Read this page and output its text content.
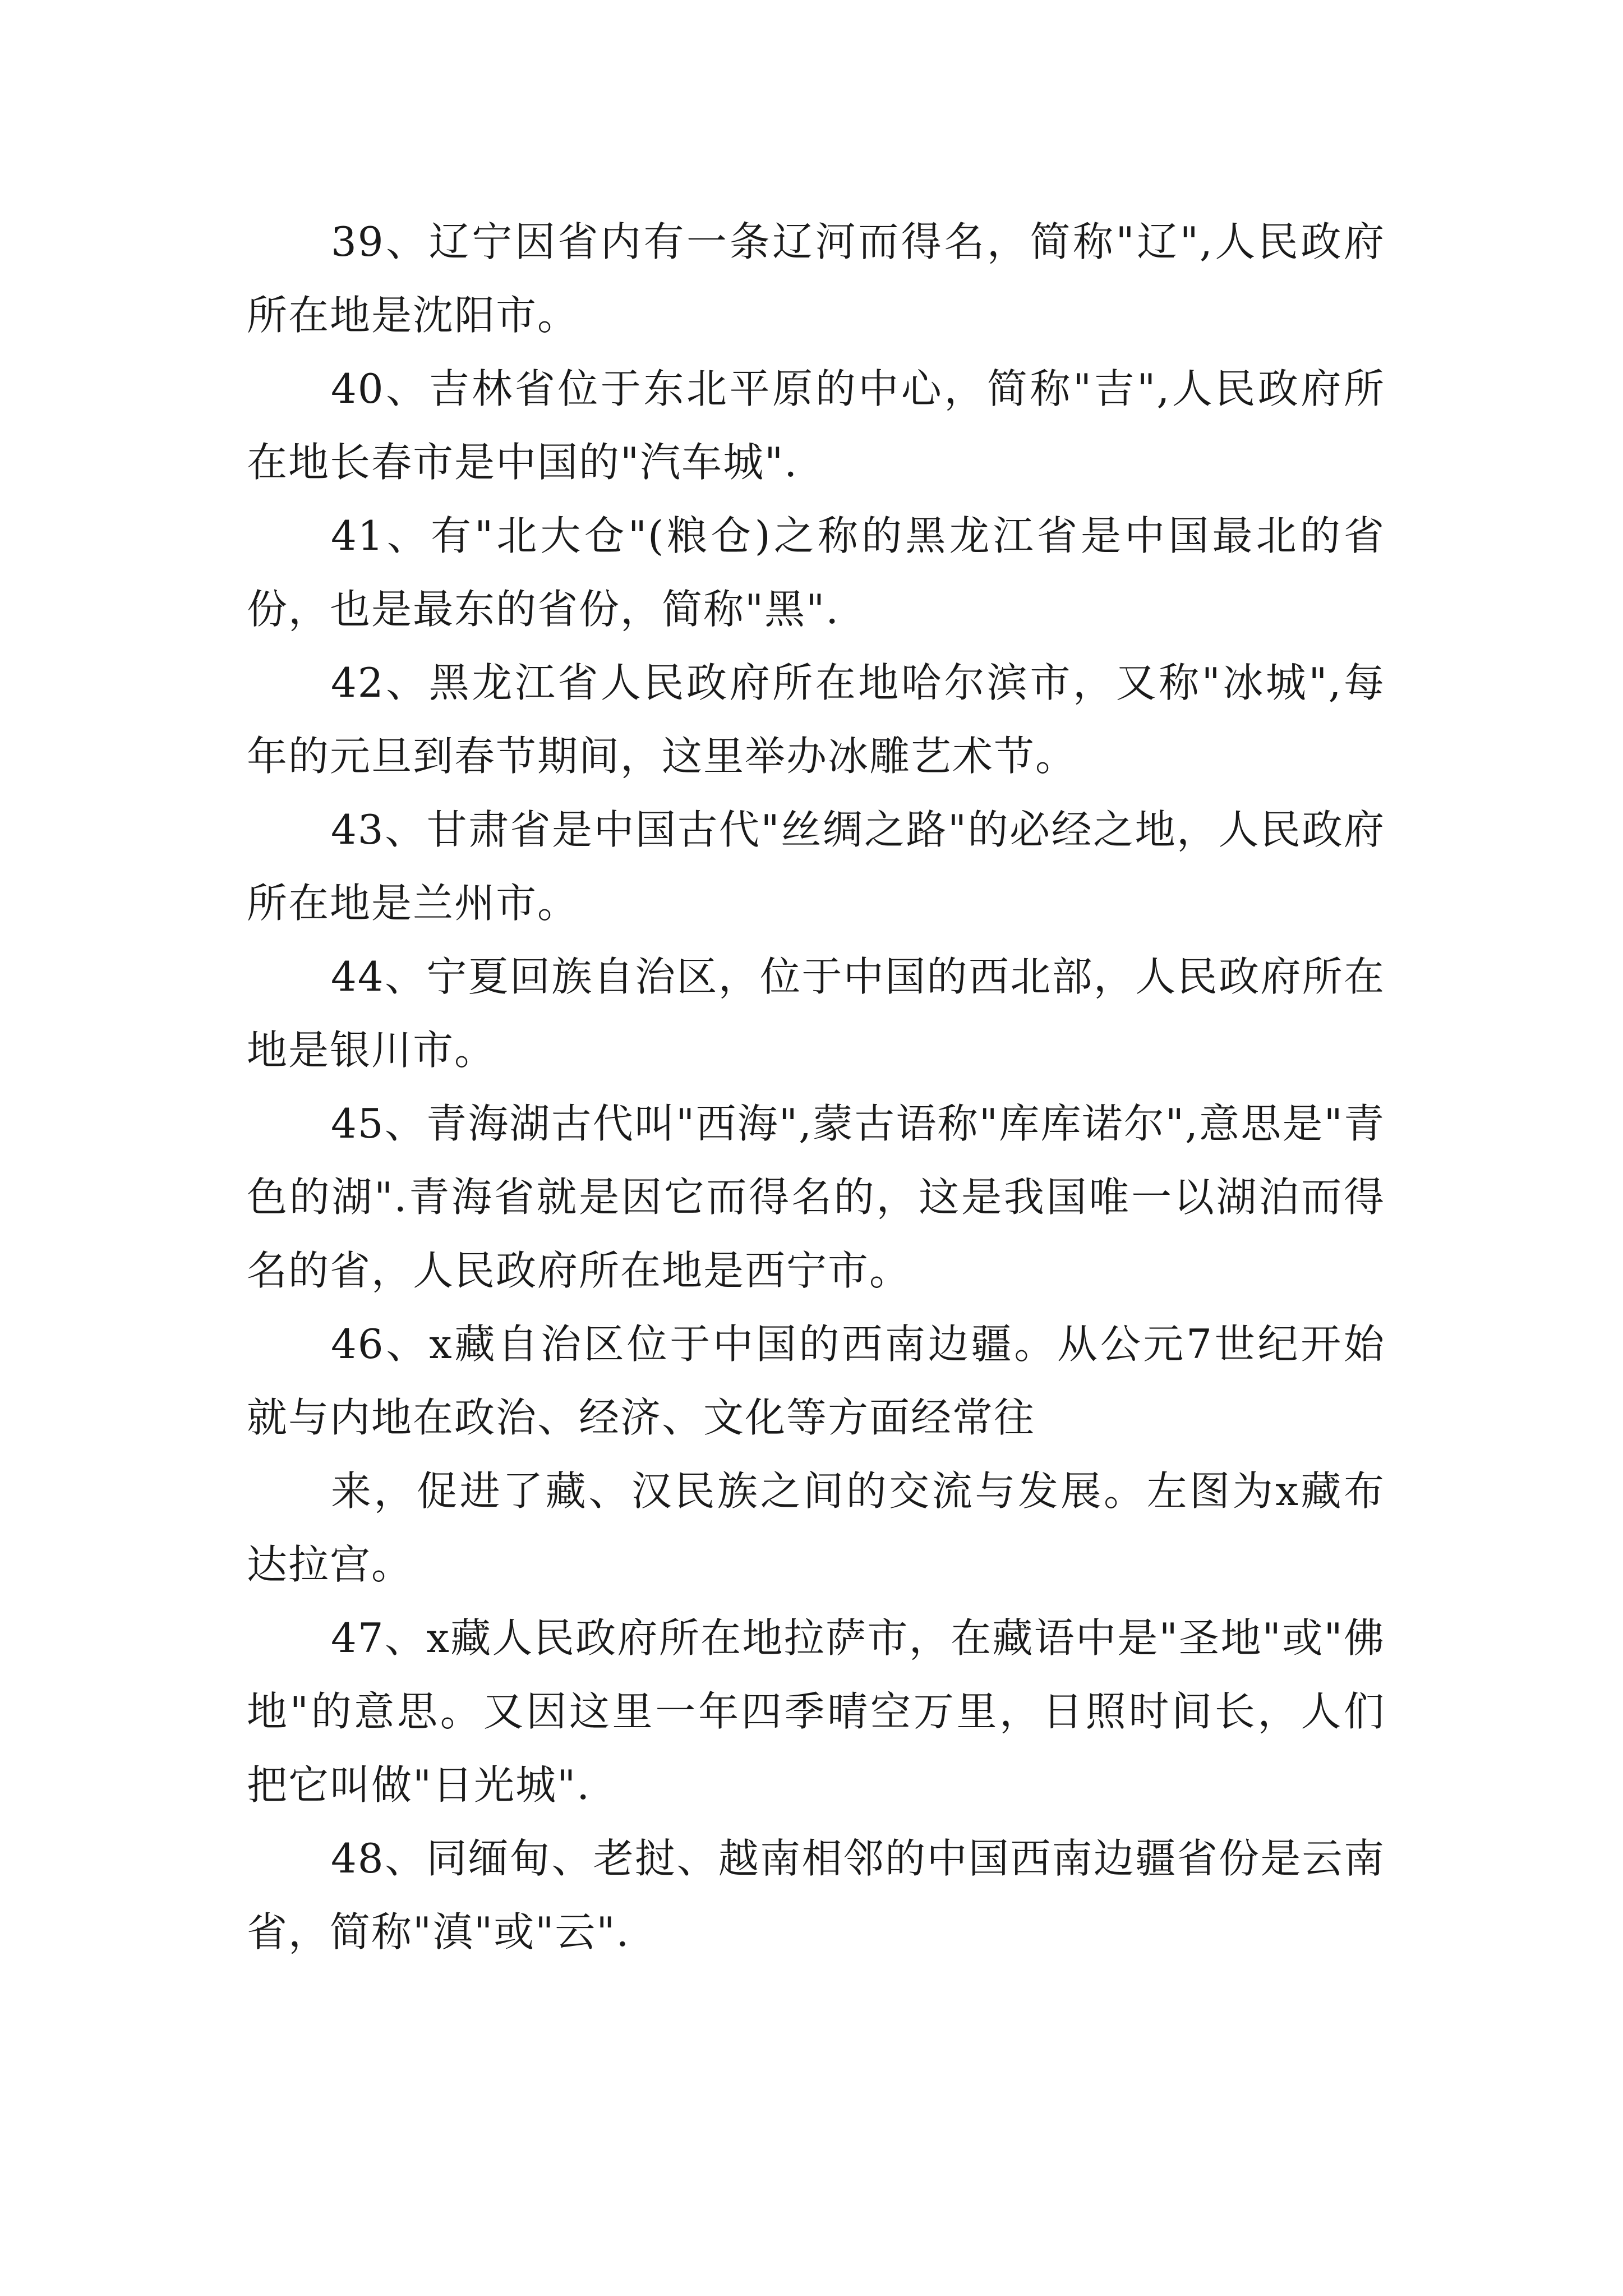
39、辽宁因省内有一条辽河而得名，简称"辽",人民政府所在地是沈阳市。

40、吉林省位于东北平原的中心，简称"吉",人民政府所在地长春市是中国的"汽车城".

41、有"北大仓"(粮仓)之称的黑龙江省是中国最北的省份，也是最东的省份，简称"黑".

42、黑龙江省人民政府所在地哈尔滨市，又称"冰城",每年的元旦到春节期间，这里举办冰雕艺术节。

43、甘肃省是中国古代"丝绸之路"的必经之地，人民政府所在地是兰州市。

44、宁夏回族自治区，位于中国的西北部，人民政府所在地是银川市。

45、青海湖古代叫"西海",蒙古语称"库库诺尔",意思是"青色的湖".青海省就是因它而得名的，这是我国唯一以湖泊而得名的省，人民政府所在地是西宁市。

46、x藏自治区位于中国的西南边疆。从公元7世纪开始就与内地在政治、经济、文化等方面经常往

来，促进了藏、汉民族之间的交流与发展。左图为x藏布达拉宫。

47、x藏人民政府所在地拉萨市，在藏语中是"圣地"或"佛地"的意思。又因这里一年四季晴空万里，日照时间长，人们把它叫做"日光城".

48、同缅甸、老挝、越南相邻的中国西南边疆省份是云南省，简称"滇"或"云".
